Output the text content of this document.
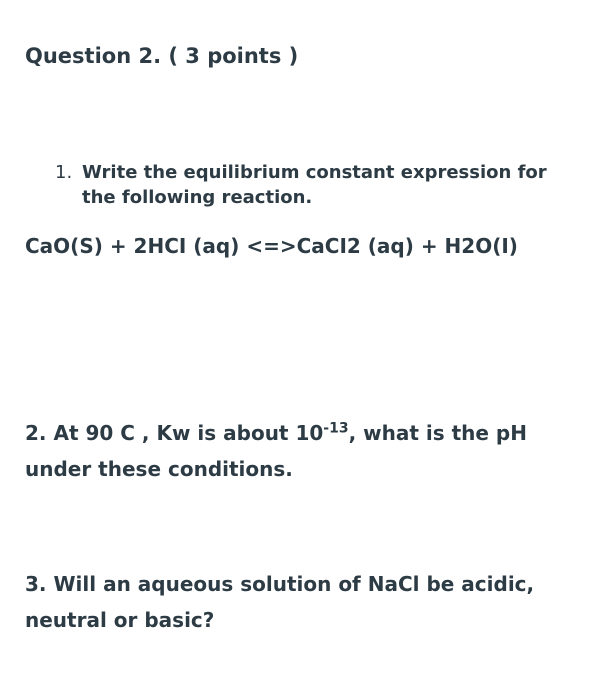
Question 2. ( 3 points )
1. Write the equilibrium constant expression for the following reaction.
CaO(S) + 2HCI (aq) <=>CaCI2 (aq) + H2O(I)
2. At 90 C , Kw is about $10^{-13}$, what is the pH under these conditions.
3. Will an aqueous solution of NaCl be acidic, neutral or basic?
